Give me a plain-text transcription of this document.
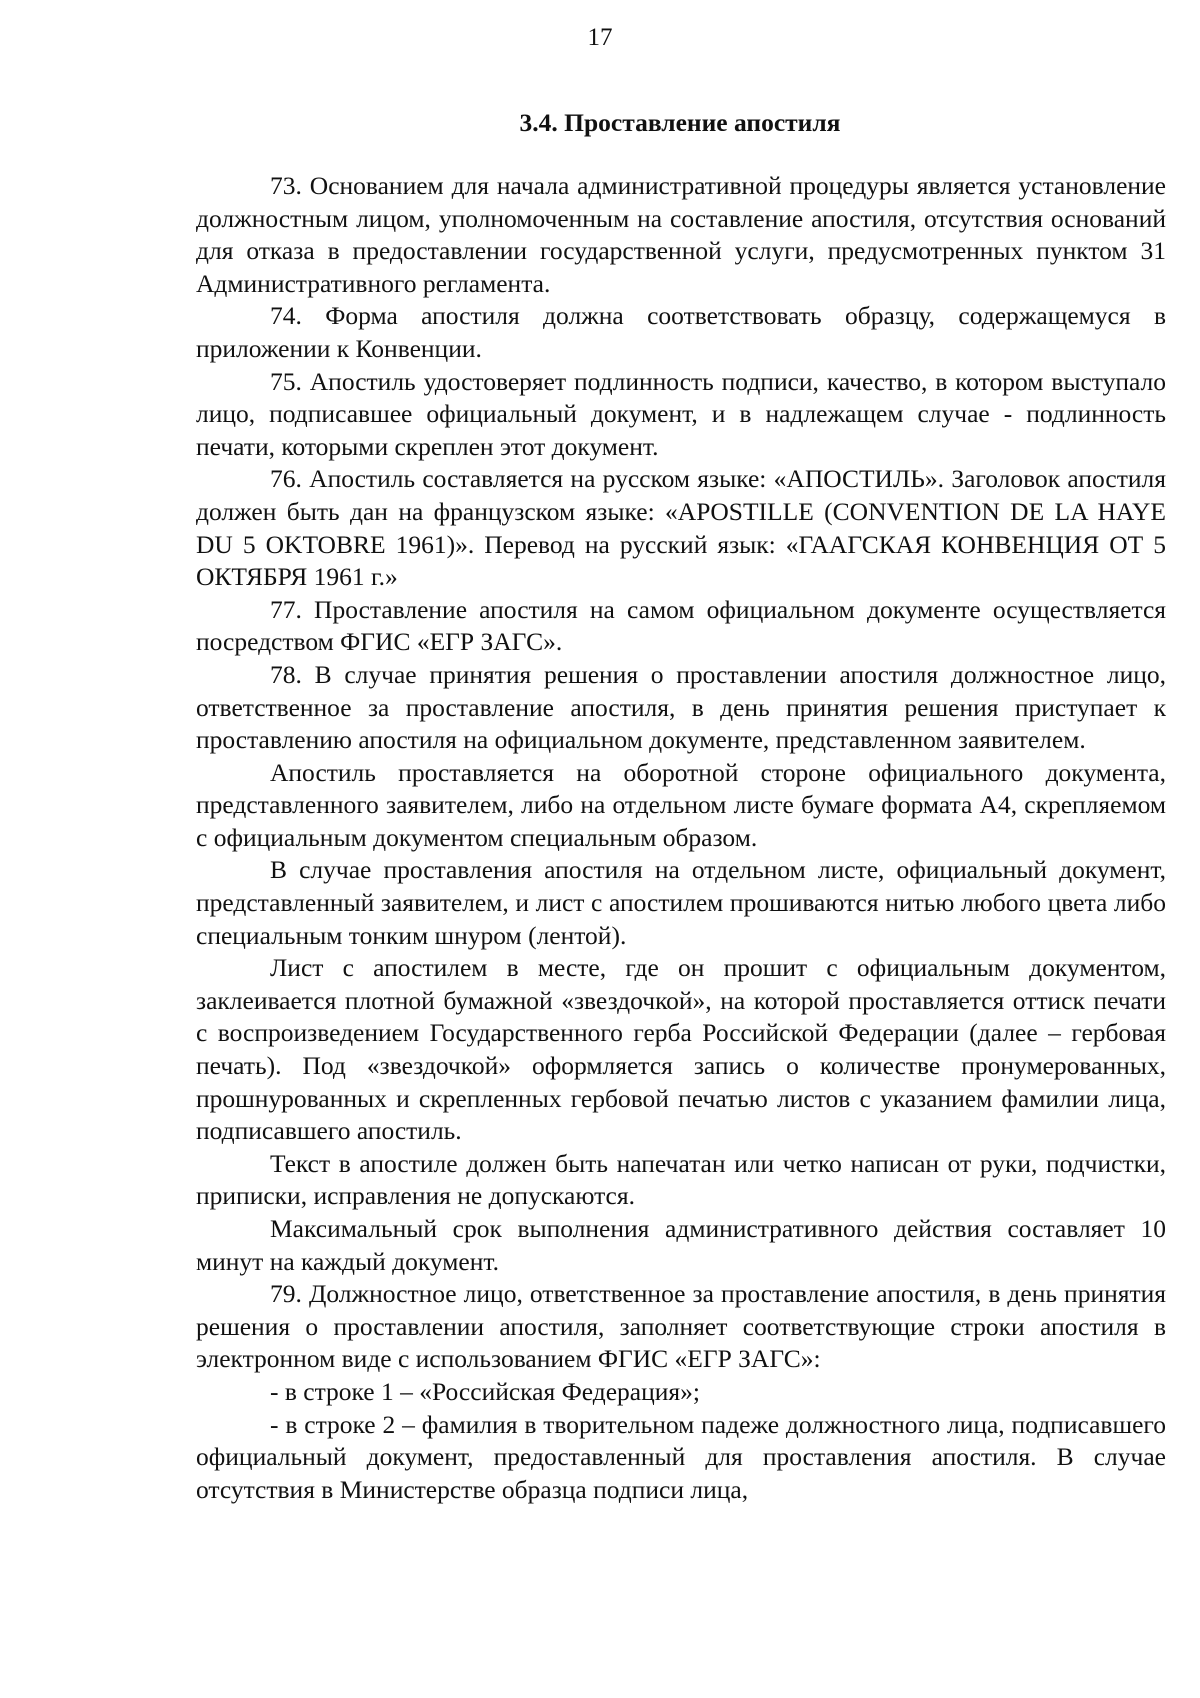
17
3.4. Проставление апостиля

73. Основанием для начала административной процедуры является установление должностным лицом, уполномоченным на составление апостиля, отсутствия оснований для отказа в предоставлении государственной услуги, предусмотренных пунктом 31 Административного регламента.

74. Форма апостиля должна соответствовать образцу, содержащемуся в приложении к Конвенции.

75. Апостиль удостоверяет подлинность подписи, качество, в котором выступало лицо, подписавшее официальный документ, и в надлежащем случае - подлинность печати, которыми скреплен этот документ.

76. Апостиль составляется на русском языке: «АПОСТИЛЬ». Заголовок апостиля должен быть дан на французском языке: «APOSTILLE (CONVENTION DE LA HAYE DU 5 OKTOBRE 1961)». Перевод на русский язык: «ГААГСКАЯ КОНВЕНЦИЯ ОТ 5 ОКТЯБРЯ 1961 г.»

77. Проставление апостиля на самом официальном документе осуществляется посредством ФГИС «ЕГР ЗАГС».

78. В случае принятия решения о проставлении апостиля должностное лицо, ответственное за проставление апостиля, в день принятия решения приступает к проставлению апостиля на официальном документе, представленном заявителем.

Апостиль проставляется на оборотной стороне официального документа, представленного заявителем, либо на отдельном листе бумаге формата А4, скрепляемом с официальным документом специальным образом.

В случае проставления апостиля на отдельном листе, официальный документ, представленный заявителем, и лист с апостилем прошиваются нитью любого цвета либо специальным тонким шнуром (лентой).

Лист с апостилем в месте, где он прошит с официальным документом, заклеивается плотной бумажной «звездочкой», на которой проставляется оттиск печати с воспроизведением Государственного герба Российской Федерации (далее – гербовая печать). Под «звездочкой» оформляется запись о количестве пронумерованных, прошнурованных и скрепленных гербовой печатью листов с указанием фамилии лица, подписавшего апостиль.

Текст в апостиле должен быть напечатан или четко написан от руки, подчистки, приписки, исправления не допускаются.

Максимальный срок выполнения административного действия составляет 10 минут на каждый документ.

79. Должностное лицо, ответственное за проставление апостиля, в день принятия решения о проставлении апостиля, заполняет соответствующие строки апостиля в электронном виде с использованием ФГИС «ЕГР ЗАГС»:

- в строке 1 – «Российская Федерация»;

- в строке 2 – фамилия в творительном падеже должностного лица, подписавшего официальный документ, предоставленный для проставления апостиля. В случае отсутствия в Министерстве образца подписи лица,
